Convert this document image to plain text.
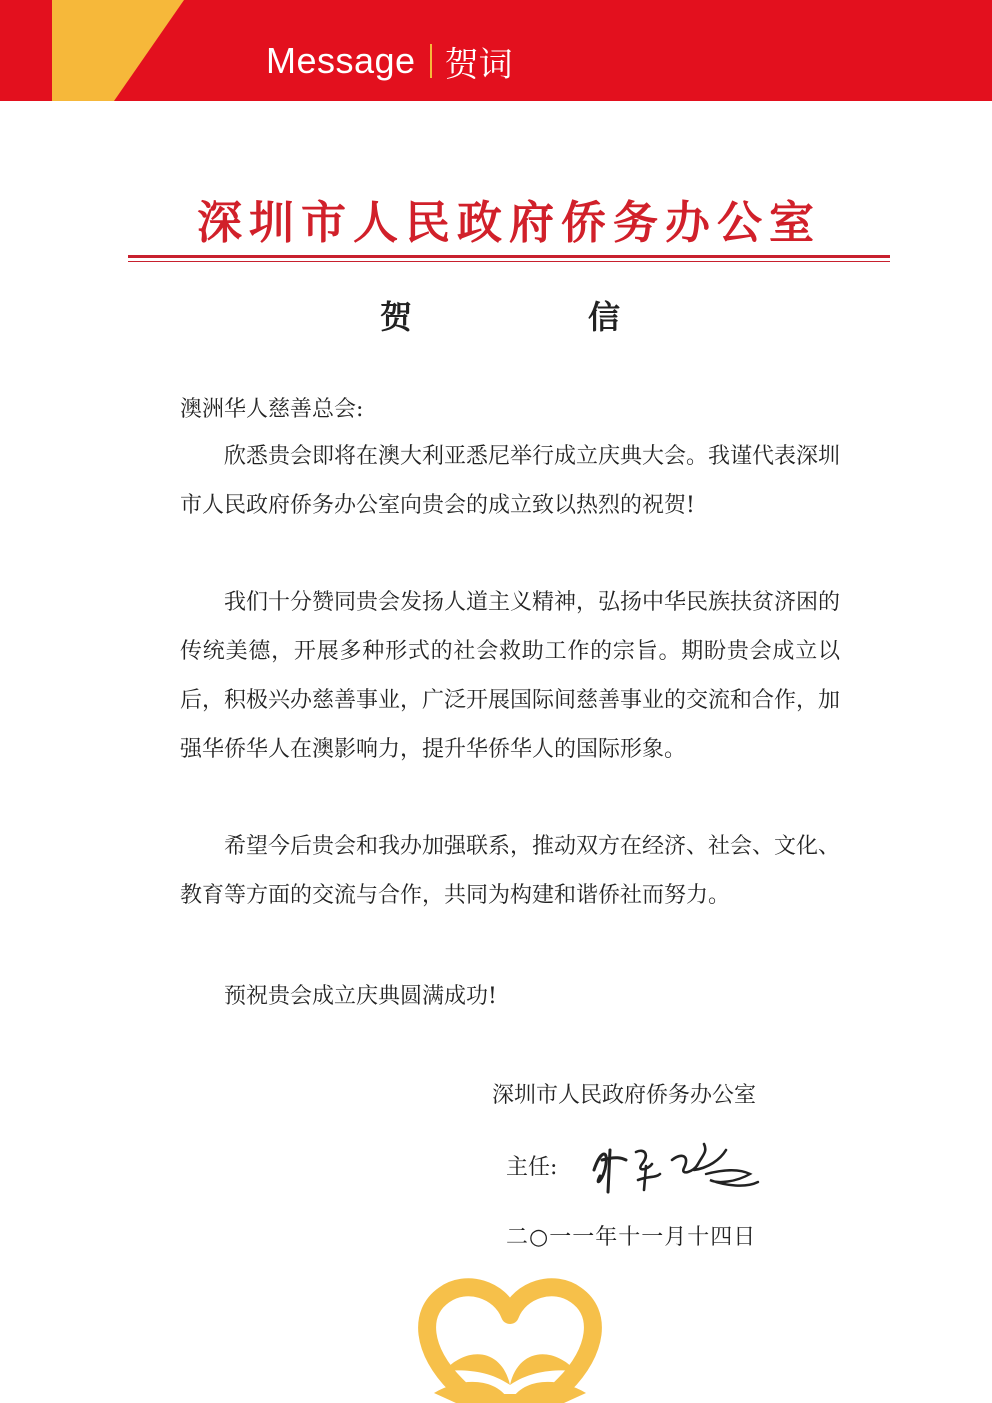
Message 贺词
深圳市人民政府侨务办公室
贺	信
澳洲华人慈善总会:

欣悉贵会即将在澳大利亚悉尼举行成立庆典大会。我谨代表深圳市人民政府侨务办公室向贵会的成立致以热烈的祝贺!

我们十分赞同贵会发扬人道主义精神，弘扬中华民族扶贫济困的传统美德，开展多种形式的社会救助工作的宗旨。期盼贵会成立以后，积极兴办慈善事业，广泛开展国际间慈善事业的交流和合作，加强华侨华人在澳影响力，提升华侨华人的国际形象。

希望今后贵会和我办加强联系，推动双方在经济、社会、文化、教育等方面的交流与合作，共同为构建和谐侨社而努力。

预祝贵会成立庆典圆满成功!

深圳市人民政府侨务办公室
主任:
二○一一年十一月十四日
